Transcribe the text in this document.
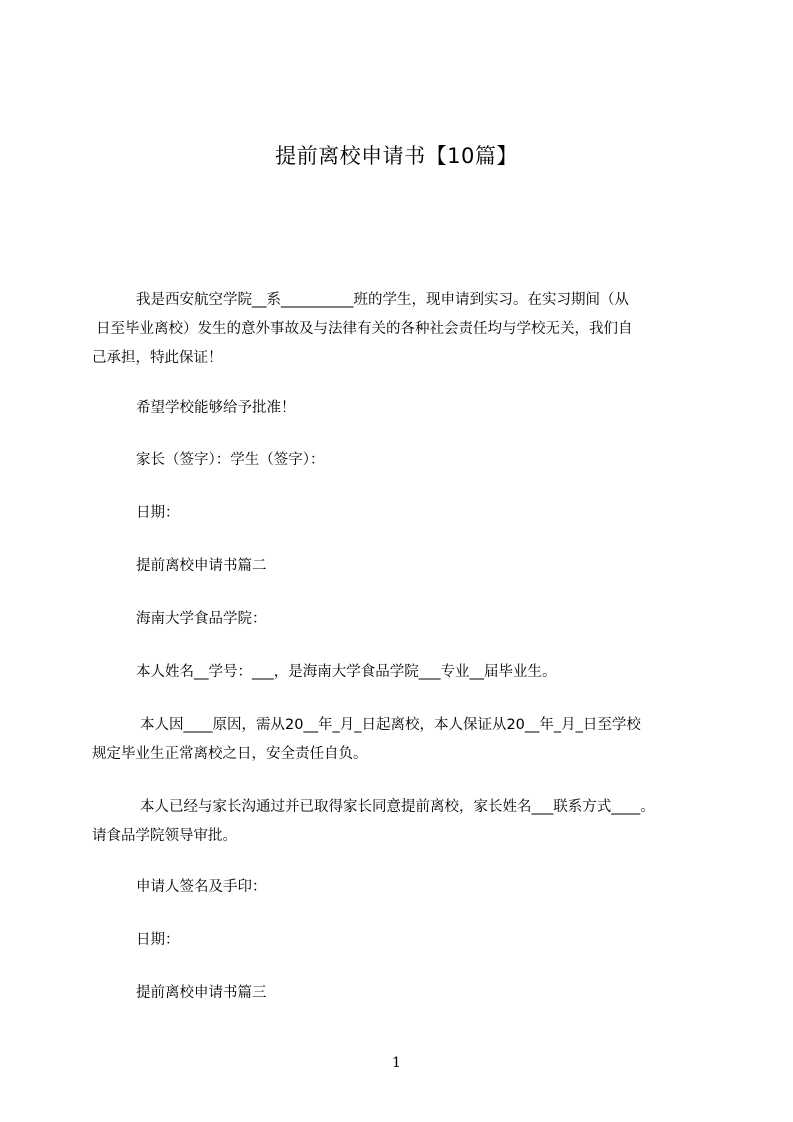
提前离校申请书【10篇】
我是西安航空学院__系__________班的学生，现申请到实习。在实习期间（从
日至毕业离校）发生的意外事故及与法律有关的各种社会责任均与学校无关，我们自
己承担，特此保证！
希望学校能够给予批准！
家长（签字）：学生（签字）：
日期：
提前离校申请书篇二
海南大学食品学院：
本人姓名__学号：___，是海南大学食品学院___专业__届毕业生。
本人因____原因，需从20__年_月_日起离校，本人保证从20__年_月_日至学校
规定毕业生正常离校之日，安全责任自负。
本人已经与家长沟通过并已取得家长同意提前离校，家长姓名___联系方式____。
请食品学院领导审批。
申请人签名及手印：
日期：
提前离校申请书篇三
1
